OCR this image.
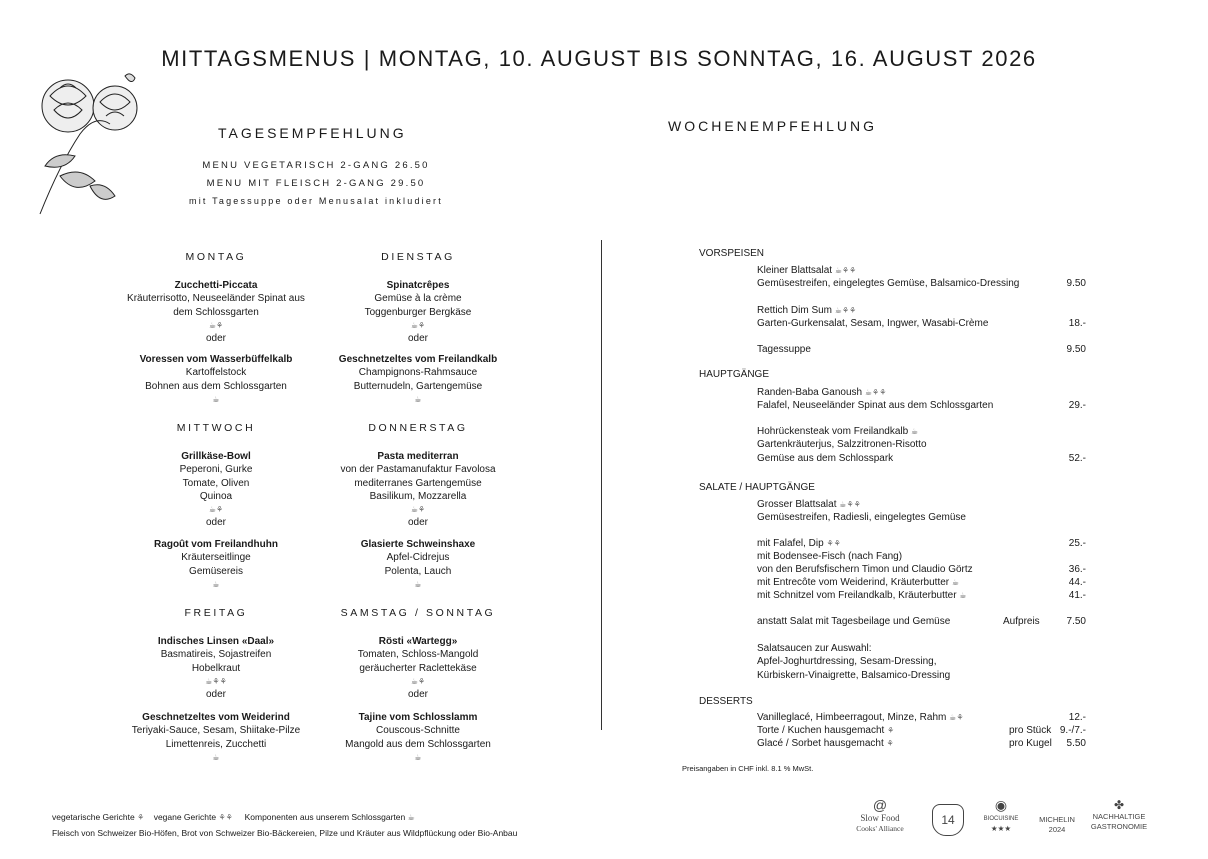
MITTAGSMENUS | MONTAG, 10. AUGUST BIS SONNTAG, 16. AUGUST 2026
TAGESEMPFEHLUNG
MENU VEGETARISCH 2-GANG 26.50
MENU MIT FLEISCH 2-GANG 29.50
mit Tagessuppe oder Menusalat inkludiert
WOCHENEMPFEHLUNG
MONTAG
Zucchetti-Piccata
Kräuterrisotto, Neuseeländer Spinat aus
dem Schlossgarten
☕⚘
oder
Voressen vom Wasserbüffelkalb
Kartoffelstock
Bohnen aus dem Schlossgarten
☕
DIENSTAG
Spinatcrêpes
Gemüse à la crème
Toggenburger Bergkäse
☕⚘
oder
Geschnetzeltes vom Freilandkalb
Champignons-Rahmsauce
Butternudeln, Gartengemüse
☕
MITTWOCH
Grillkäse-Bowl
Peperoni, Gurke
Tomate, Oliven
Quinoa
☕⚘
oder
Ragoût vom Freilandhuhn
Kräuterseitlinge
Gemüsereis
☕
DONNERSTAG
Pasta mediterran
von der Pastamanufaktur Favolosa
mediterranes Gartengemüse
Basilikum, Mozzarella
☕⚘
oder
Glasierte Schweinshaxe
Apfel-Cidrejus
Polenta, Lauch
☕
FREITAG
Indisches Linsen «Daal»
Basmatireis, Sojastreifen
Hobelkraut
☕⚘⚘
oder
Geschnetzeltes vom Weiderind
Teriyaki-Sauce, Sesam, Shiitake-Pilze
Limettenreis, Zucchetti
☕
SAMSTAG / SONNTAG
Rösti «Wartegg»
Tomaten, Schloss-Mangold
geräucherter Raclettekäse
☕⚘
oder
Tajine vom Schlosslamm
Couscous-Schnitte
Mangold aus dem Schlossgarten
☕
VORSPEISEN
Kleiner Blattsalat ☕⚘⚘
Gemüsestreifen, eingelegtes Gemüse, Balsamico-Dressing	9.50
Rettich Dim Sum ☕⚘⚘
Garten-Gurkensalat, Sesam, Ingwer, Wasabi-Crème	18.-
Tagessuppe	9.50
HAUPTGÄNGE
Randen-Baba Ganoush ☕⚘⚘
Falafel, Neuseeländer Spinat aus dem Schlossgarten	29.-
Hohrückensteak vom Freilandkalb ☕
Gartenkräuterjus, Salzzitronen-Risotto
Gemüse aus dem Schlosspark	52.-
SALATE / HAUPTGÄNGE
Grosser Blattsalat ☕⚘⚘
Gemüsestreifen, Radiesli, eingelegtes Gemüse
mit Falafel, Dip ⚘⚘	25.-
mit Bodensee-Fisch (nach Fang)
von den Berufsfischern Timon und Claudio Görtz	36.-
mit Entrecôte vom Weiderind, Kräuterbutter ☕	44.-
mit Schnitzel vom Freilandkalb, Kräuterbutter ☕	41.-
anstatt Salat mit Tagesbeilage und Gemüse	Aufpreis	7.50
Salatsaucen zur Auswahl:
Apfel-Joghurtdressing, Sesam-Dressing,
Kürbiskern-Vinaigrette, Balsamico-Dressing
DESSERTS
Vanilleglacé, Himbeerragout, Minze, Rahm ☕⚘	12.-
Torte / Kuchen hausgemacht ⚘	pro Stück 9.-/7.-
Glacé / Sorbet hausgemacht ⚘	pro Kugel	5.50
Preisangaben in CHF inkl. 8.1 % MwSt.
vegetarische Gerichte ⚘ vegane Gerichte ⚘⚘ Komponenten aus unserem Schlossgarten ☕
Fleisch von Schweizer Bio-Höfen, Brot von Schweizer Bio-Bäckereien, Pilze und Kräuter aus Wildpflückung oder Bio-Anbau
@
Slow Food
Cooks' Alliance
14
◉
BIOCUISINE
★★★
MICHELIN
2024
✤
NACHHALTIGE
GASTRONOMIE
